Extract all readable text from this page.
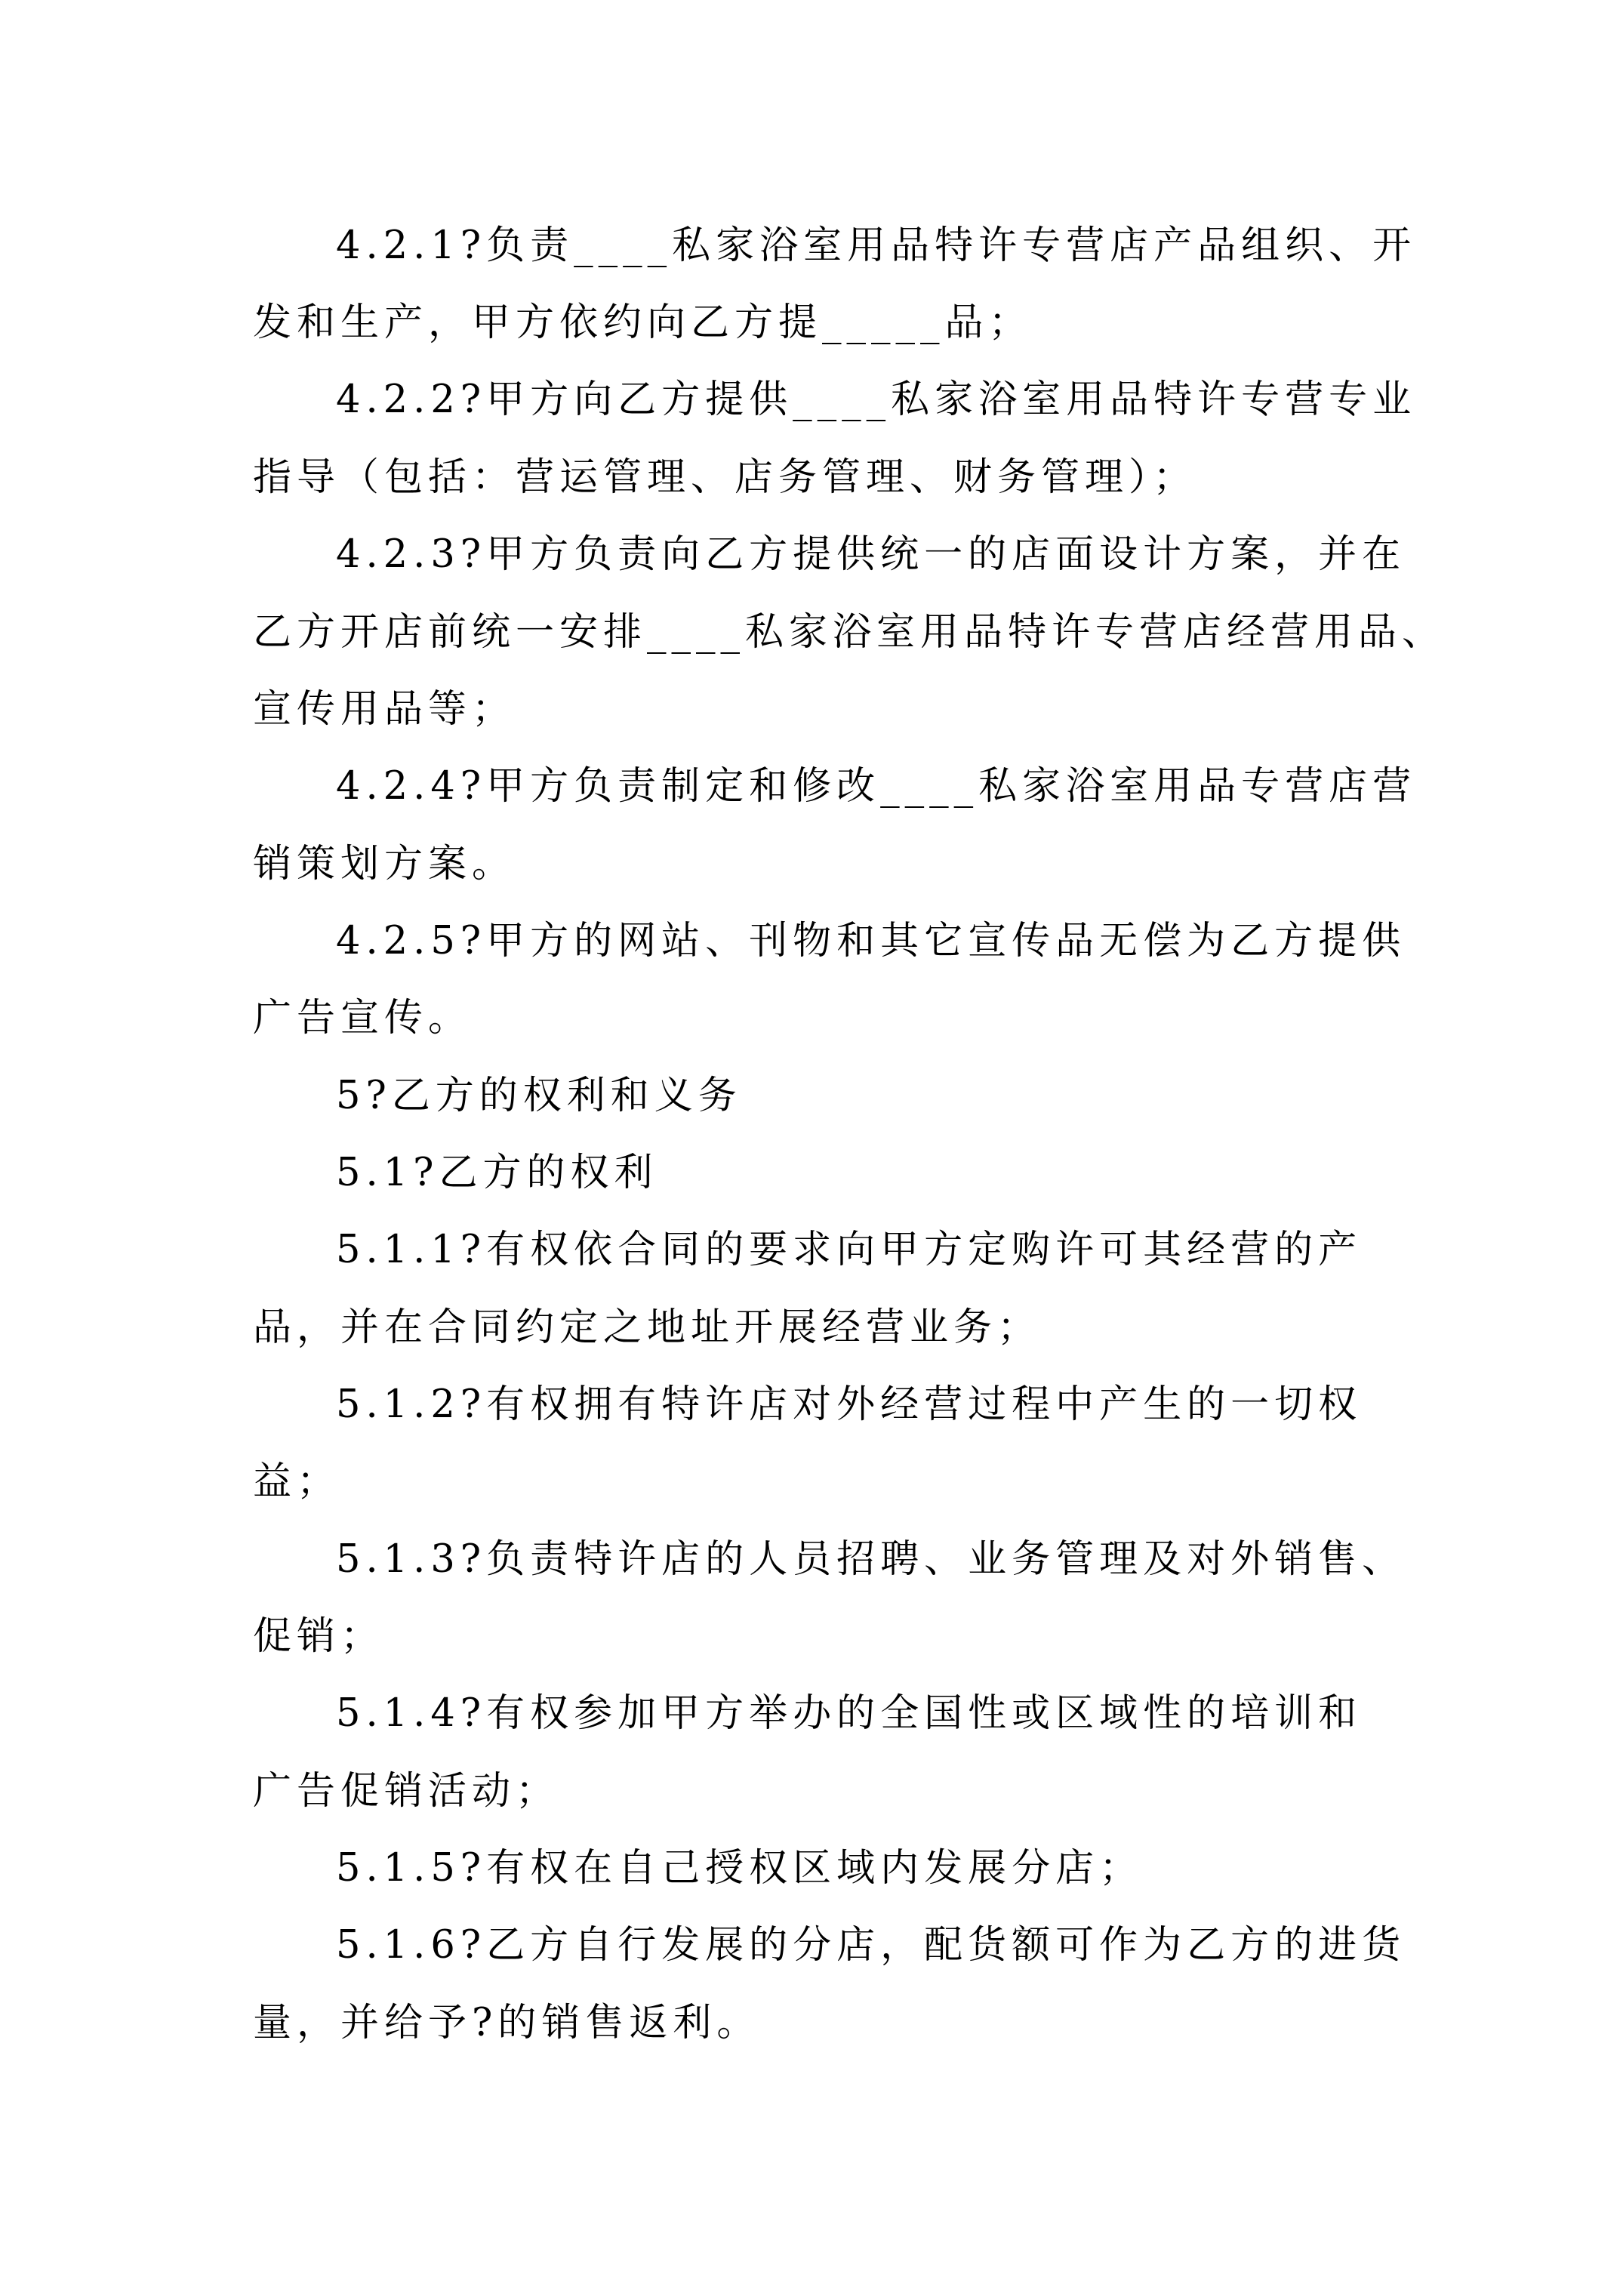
4.2.1?负责____私家浴室用品特许专营店产品组织、开
发和生产，甲方依约向乙方提_____品；
4.2.2?甲方向乙方提供____私家浴室用品特许专营专业
指导（包括：营运管理、店务管理、财务管理）；
4.2.3?甲方负责向乙方提供统一的店面设计方案，并在
乙方开店前统一安排____私家浴室用品特许专营店经营用品、
宣传用品等；
4.2.4?甲方负责制定和修改____私家浴室用品专营店营
销策划方案。
4.2.5?甲方的网站、刊物和其它宣传品无偿为乙方提供
广告宣传。
5?乙方的权利和义务
5.1?乙方的权利
5.1.1?有权依合同的要求向甲方定购许可其经营的产
品，并在合同约定之地址开展经营业务；
5.1.2?有权拥有特许店对外经营过程中产生的一切权
益；
5.1.3?负责特许店的人员招聘、业务管理及对外销售、
促销；
5.1.4?有权参加甲方举办的全国性或区域性的培训和
广告促销活动；
5.1.5?有权在自己授权区域内发展分店；
5.1.6?乙方自行发展的分店，配货额可作为乙方的进货
量，并给予?的销售返利。
